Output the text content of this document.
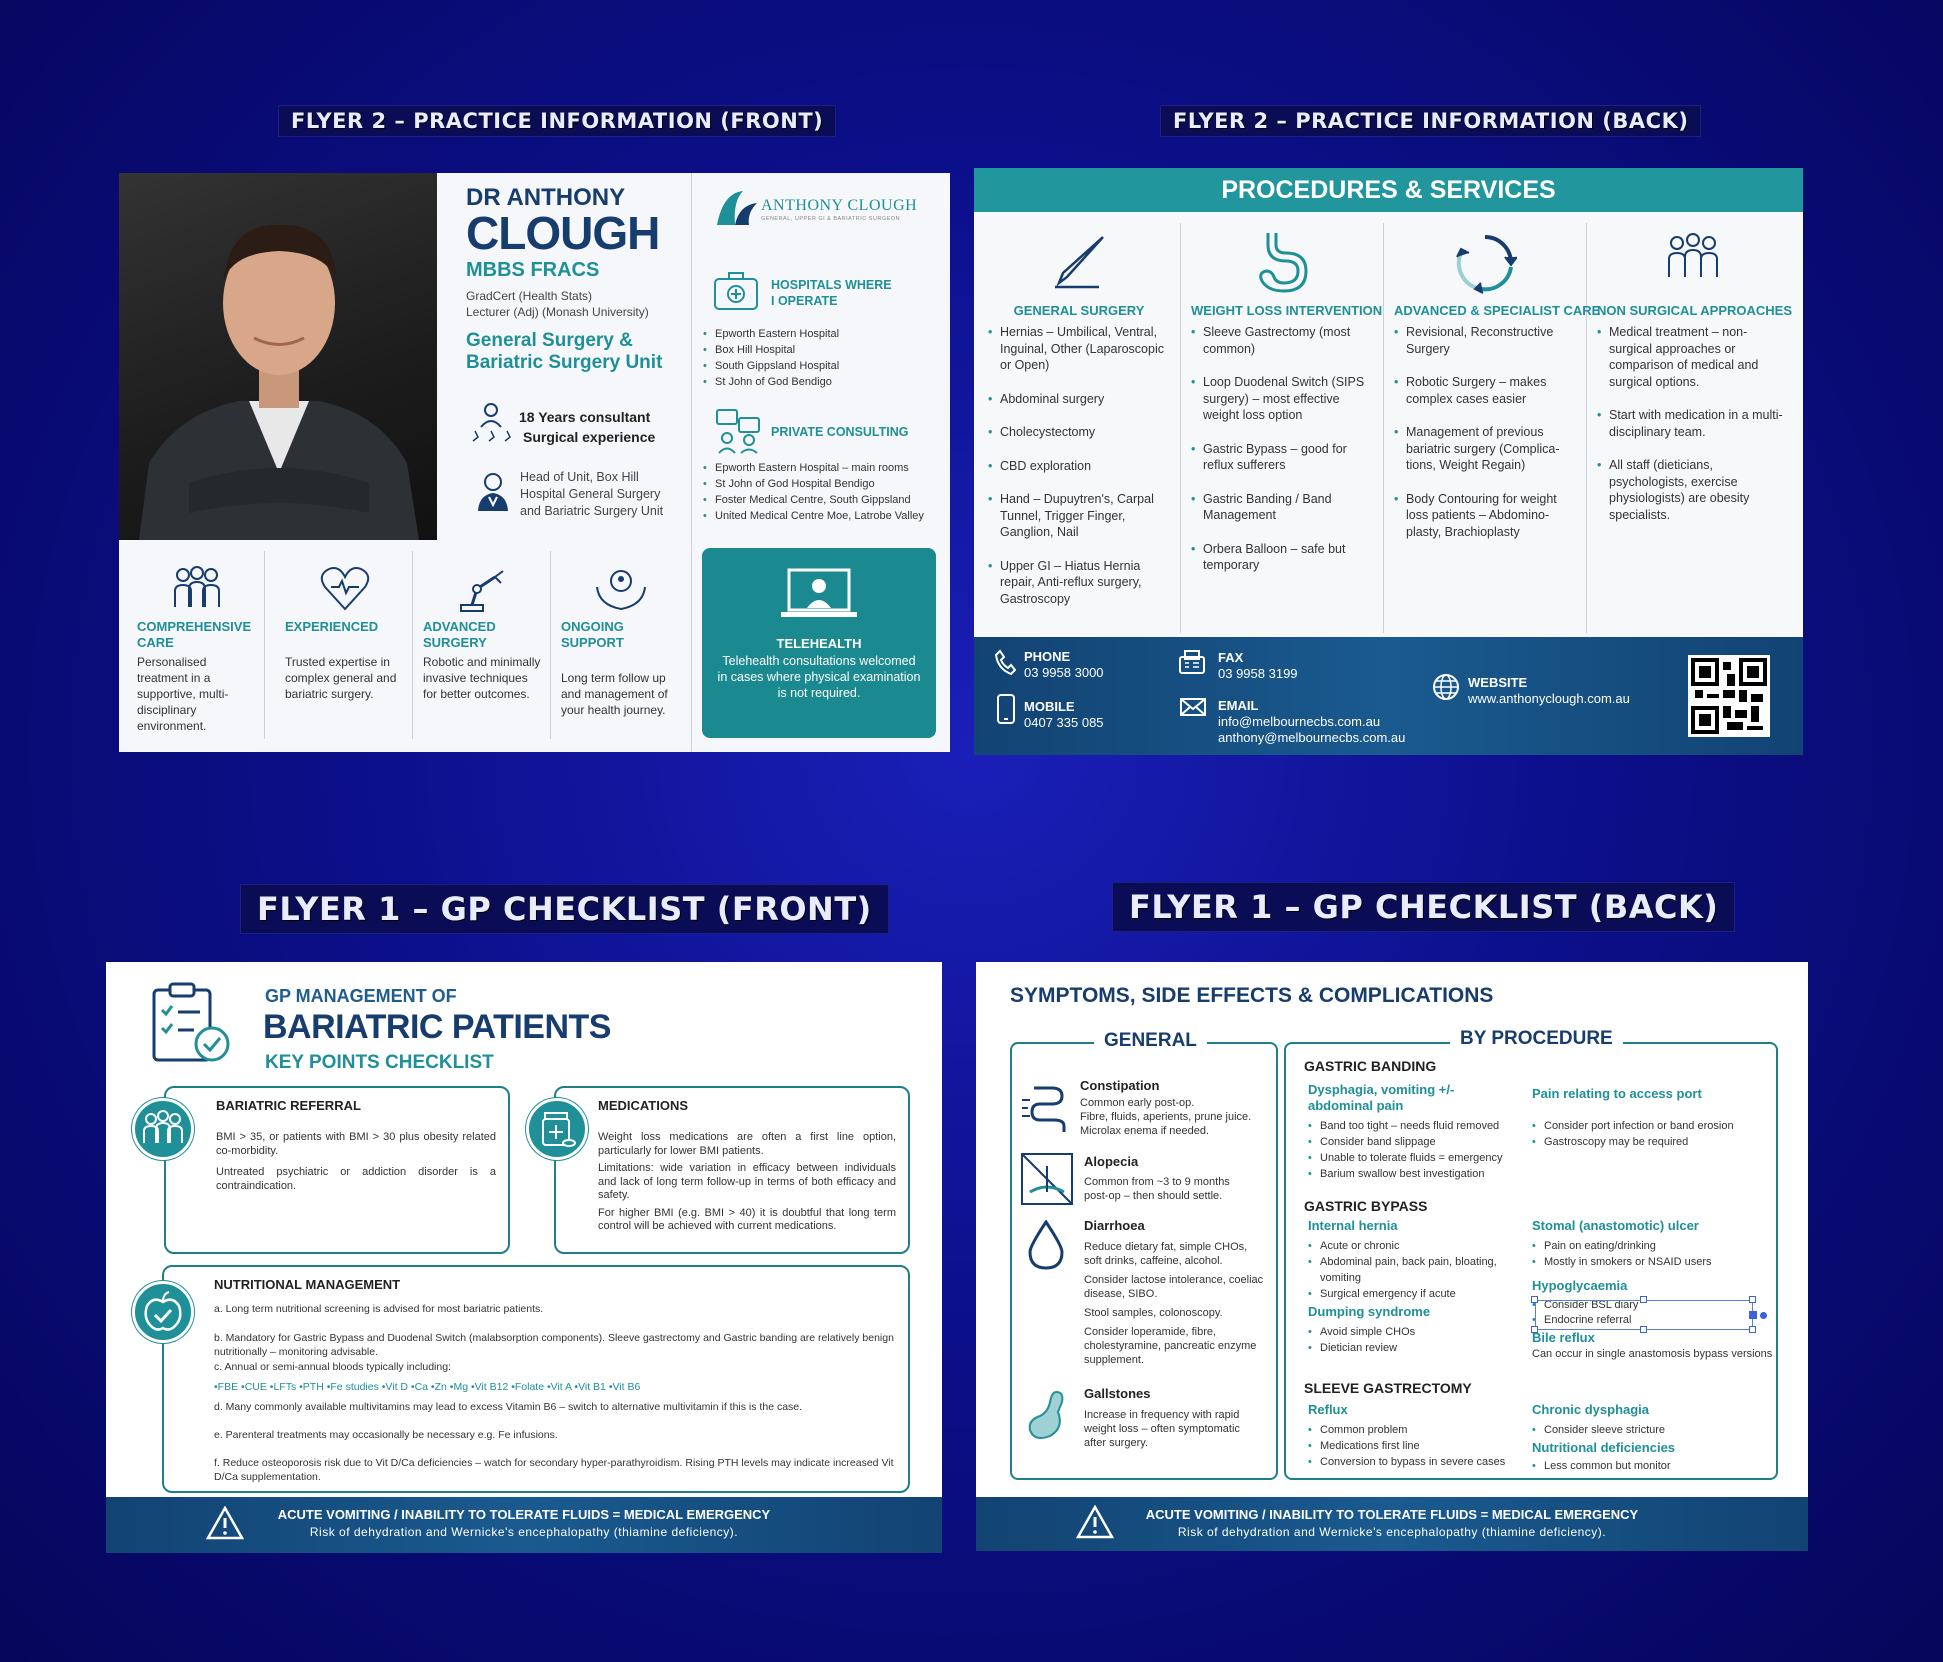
FLYER 2 – PRACTICE INFORMATION (FRONT)	FLYER 2 – PRACTICE INFORMATION (BACK)
FLYER 1 – GP CHECKLIST (FRONT)	FLYER 1 – GP CHECKLIST (BACK)
DR ANTHONY
CLOUGH
MBBS FRACS
GradCert (Health Stats)
Lecturer (Adj) (Monash University)
General Surgery &
Bariatric Surgery Unit
18 Years consultant
Surgical experience
Head of Unit, Box Hill
Hospital General Surgery
and Bariatric Surgery Unit
ANTHONY CLOUGH
GENERAL, UPPER GI & BARIATRIC SURGEON
HOSPITALS WHERE
I OPERATE
• Epworth Eastern Hospital
• Box Hill Hospital
• South Gippsland Hospital
• St John of God Bendigo
PRIVATE CONSULTING
• Epworth Eastern Hospital – main rooms
• St John of God Hospital Bendigo
• Foster Medical Centre, South Gippsland
• United Medical Centre Moe, Latrobe Valley
COMPREHENSIVE
CARE
Personalised treatment in a supportive, multi-disciplinary environment.
EXPERIENCED
Trusted expertise in complex general and bariatric surgery.
ADVANCED
SURGERY
Robotic and minimally invasive techniques for better outcomes.
ONGOING SUPPORT
Long term follow up and management of your health journey.
TELEHEALTH
Telehealth consultations welcomed in cases where physical examination is not required.
PROCEDURES & SERVICES
GENERAL SURGERY
• Hernias – Umbilical, Ventral, Inguinal, Other (Laparoscopic or Open)
• Abdominal surgery
• Cholecystectomy
• CBD exploration
• Hand – Dupuytren's, Carpal Tunnel, Trigger Finger, Ganglion, Nail
• Upper GI – Hiatus Hernia repair, Anti-reflux surgery, Gastroscopy
WEIGHT LOSS INTERVENTION
• Sleeve Gastrectomy (most common)
• Loop Duodenal Switch (SIPS surgery) – most effective weight loss option
• Gastric Bypass – good for reflux sufferers
• Gastric Banding / Band Management
• Orbera Balloon – safe but temporary
ADVANCED & SPECIALIST CARE
• Revisional, Reconstructive Surgery
• Robotic Surgery – makes complex cases easier
• Management of previous bariatric surgery (Complica-tions, Weight Regain)
• Body Contouring for weight loss patients – Abdomino-plasty, Brachioplasty
NON SURGICAL APPROACHES
• Medical treatment – non-surgical approaches or comparison of medical and surgical options.
• Start with medication in a multi-disciplinary team.
• All staff (dieticians, psychologists, exercise physiologists) are obesity specialists.
PHONE
03 9958 3000
MOBILE
0407 335 085
FAX
03 9958 3199
EMAIL
info@melbournecbs.com.au
anthony@melbournecbs.com.au
WEBSITE
www.anthonyclough.com.au
GP MANAGEMENT OF
BARIATRIC PATIENTS
KEY POINTS CHECKLIST
BARIATRIC REFERRAL

BMI > 35, or patients with BMI > 30 plus obesity related co-morbidity.

Untreated psychiatric or addiction disorder is a contraindication.

MEDICATIONS

Weight loss medications are often a first line option, particularly for lower BMI patients.

Limitations: wide variation in efficacy between individuals and lack of long term follow-up in terms of both efficacy and safety.

For higher BMI (e.g. BMI > 40) it is doubtful that long term control will be achieved with current medications.

NUTRITIONAL MANAGEMENT
a. Long term nutritional screening is advised for most bariatric patients.
b. Mandatory for Gastric Bypass and Duodenal Switch (malabsorption components). Sleeve gastrectomy and Gastric banding are relatively benign nutritionally – monitoring advisable.
c. Annual or semi-annual bloods typically including:
•FBE •CUE •LFTs •PTH •Fe studies •Vit D •Ca •Zn •Mg •Vit B12 •Folate •Vit A •Vit B1 •Vit B6
d. Many commonly available multivitamins may lead to excess Vitamin B6 – switch to alternative multivitamin if this is the case.
e. Parenteral treatments may occasionally be necessary e.g. Fe infusions.
f. Reduce osteoporosis risk due to Vit D/Ca deficiencies – watch for secondary hyper-parathyroidism. Rising PTH levels may indicate increased Vit D/Ca supplementation.
ACUTE VOMITING / INABILITY TO TOLERATE FLUIDS = MEDICAL EMERGENCY
Risk of dehydration and Wernicke's encephalopathy (thiamine deficiency).
SYMPTOMS, SIDE EFFECTS & COMPLICATIONS
GENERAL	BY PROCEDURE
Constipation

Common early post-op.
Fibre, fluids, aperients, prune juice.
Microlax enema if needed.

Alopecia

Common from ~3 to 9 months
post-op – then should settle.

Diarrhoea

Reduce dietary fat, simple CHOs,
soft drinks, caffeine, alcohol.

Consider lactose intolerance, coeliac disease, SIBO.

Stool samples, colonoscopy.

Consider loperamide, fibre, cholestyramine, pancreatic enzyme supplement.

Gallstones

Increase in frequency with rapid
weight loss – often symptomatic
after surgery.

GASTRIC BANDING
Dysphagia, vomiting +/- abdominal pain
• Band too tight – needs fluid removed
• Consider band slippage
• Unable to tolerate fluids = emergency
• Barium swallow best investigation
Pain relating to access port
• Consider port infection or band erosion
• Gastroscopy may be required
GASTRIC BYPASS
Internal hernia
• Acute or chronic
• Abdominal pain, back pain, bloating, vomiting
• Surgical emergency if acute
Dumping syndrome
• Avoid simple CHOs
• Dietician review
Stomal (anastomotic) ulcer
• Pain on eating/drinking
• Mostly in smokers or NSAID users
Hypoglycaemia
• Consider BSL diary
• Endocrine referral
Bile reflux
Can occur in single anastomosis bypass versions
SLEEVE GASTRECTOMY
Reflux
• Common problem
• Medications first line
• Conversion to bypass in severe cases
Chronic dysphagia
• Consider sleeve stricture
Nutritional deficiencies
• Less common but monitor
ACUTE VOMITING / INABILITY TO TOLERATE FLUIDS = MEDICAL EMERGENCY
Risk of dehydration and Wernicke's encephalopathy (thiamine deficiency).
